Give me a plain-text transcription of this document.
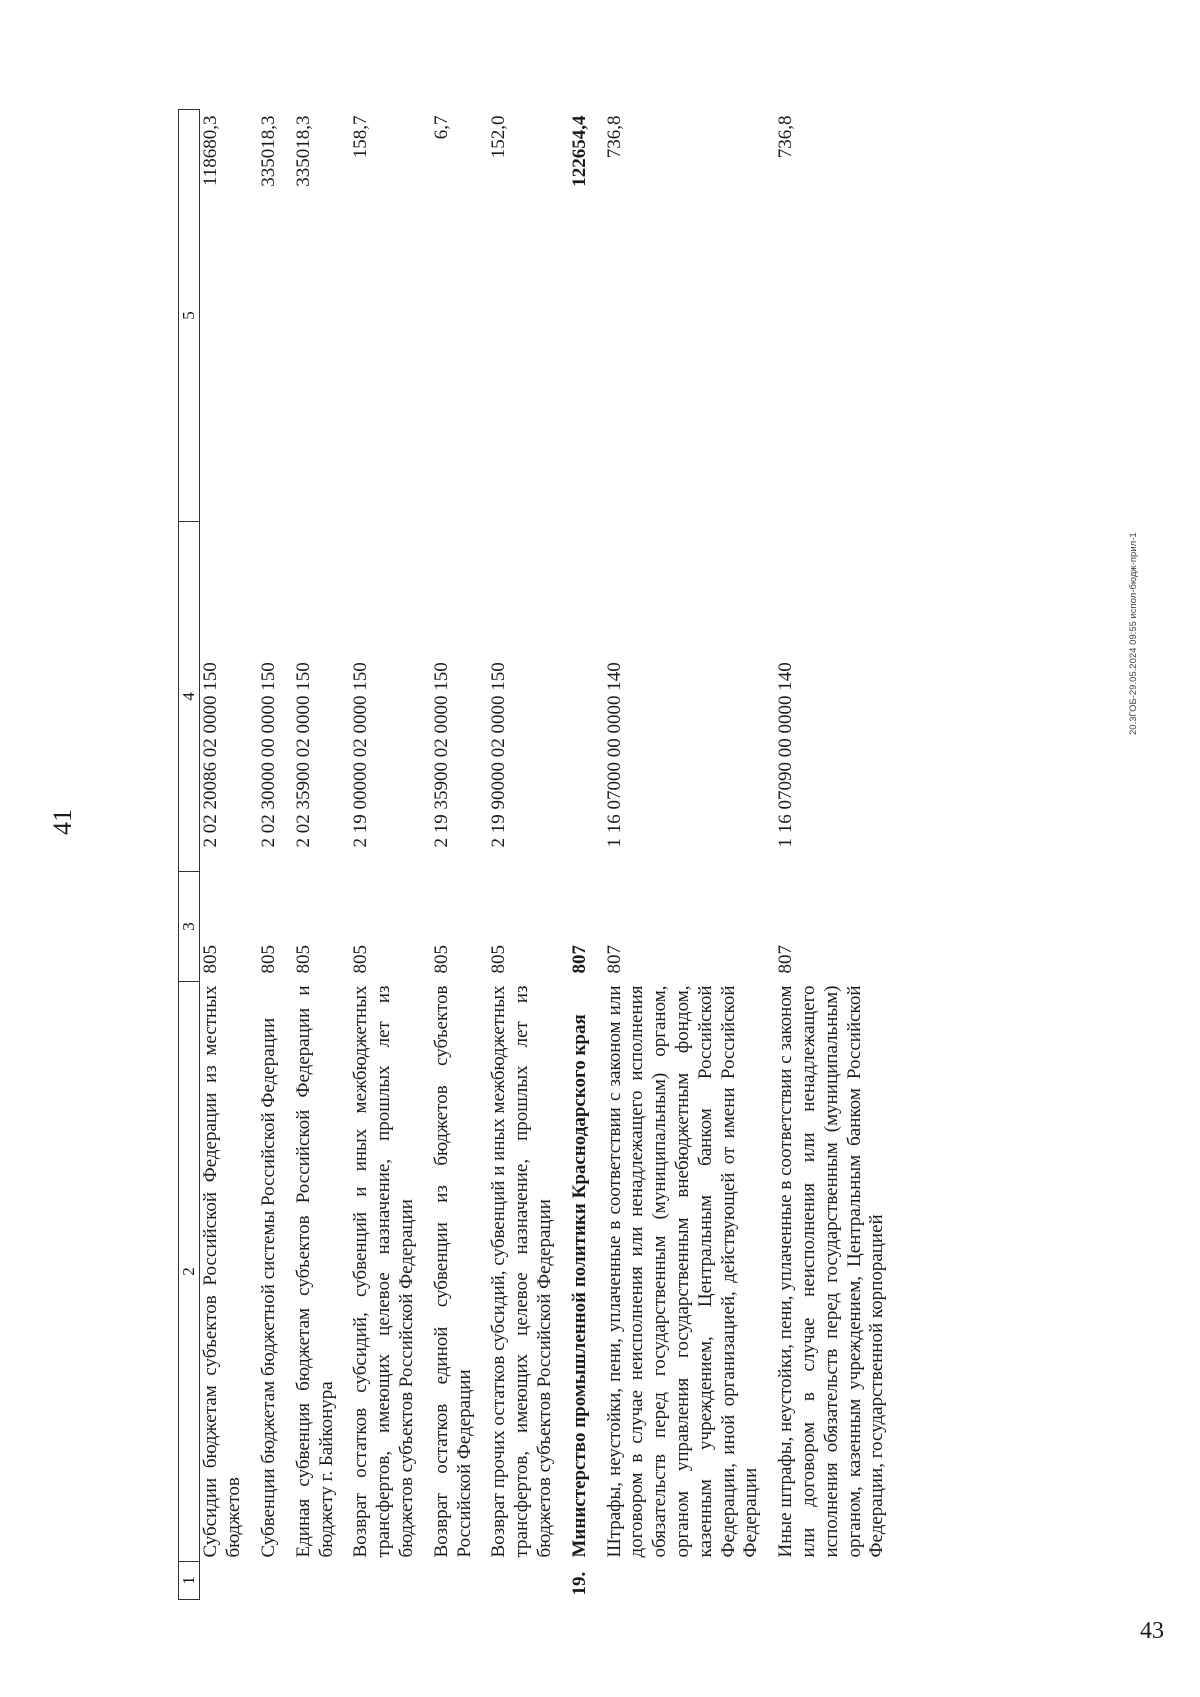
41
1	2	3	4	5
	Субсидии бюджетам субъектов Российской Федерации из местных бюджетов	805	2 02 20086 02 0000 150	118680,3
	Субвенции бюджетам бюджетной системы Российской Федерации	805	2 02 30000 00 0000 150	335018,3
	Единая субвенция бюджетам субъектов Российской Федерации и бюджету г. Байконура	805	2 02 35900 02 0000 150	335018,3
	Возврат остатков субсидий, субвенций и иных межбюджетных трансфертов, имеющих целевое назначение, прошлых лет из бюджетов субъектов Российской Федерации	805	2 19 00000 02 0000 150	158,7
	Возврат остатков единой субвенции из бюджетов субъектов Российской Федерации	805	2 19 35900 02 0000 150	6,7
	Возврат прочих остатков субсидий, субвенций и иных межбюджетных трансфертов, имеющих целевое назначение, прошлых лет из бюджетов субъектов Российской Федерации	805	2 19 90000 02 0000 150	152,0
19.	Министерство промышленной политики Краснодарского края	807		122654,4
	Штрафы, неустойки, пени, уплаченные в соответствии с законом или договором в случае неисполнения или ненадлежащего исполнения обязательств перед государственным (муниципальным) органом, органом управления государственным внебюджетным фондом, казенным учреждением, Центральным банком Российской Федерации, иной организацией, действующей от имени Российской Федерации	807	1 16 07000 00 0000 140	736,8
	Иные штрафы, неустойки, пени, уплаченные в соответствии с законом или договором в случае неисполнения или ненадлежащего исполнения обязательств перед государственным (муниципальным) органом, казенным учреждением, Центральным банком Российской Федерации, государственной корпорацией	807	1 16 07090 00 0000 140	736,8
20.3ГОБ-29.05.2024 09:55 испол-бюдж-прил-1
43
